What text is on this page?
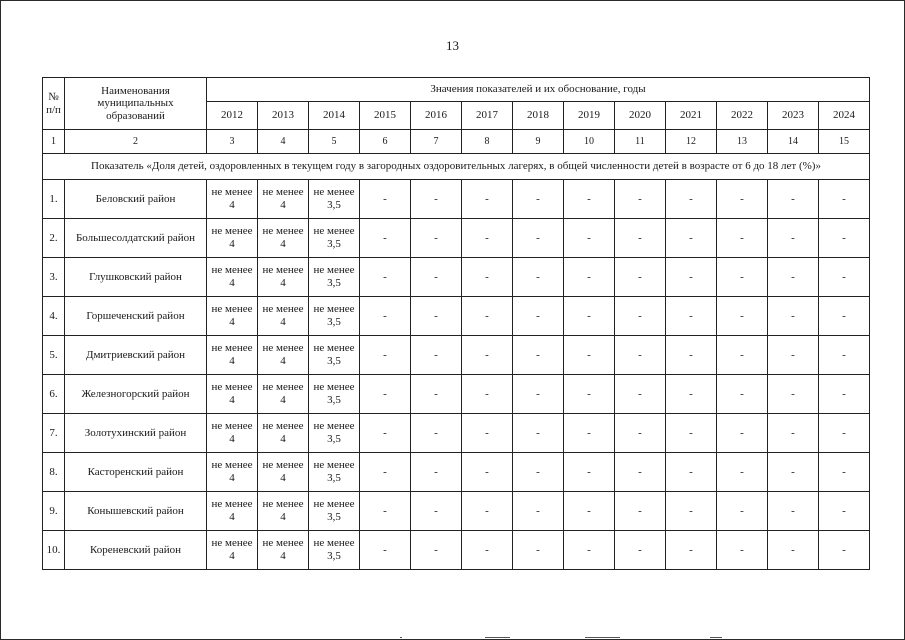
13
№
п/п	Наименования
муниципальных
образований	Значения показателей и их обоснование, годы												
		2012	2013	2014	2015	2016	2017	2018	2019	2020	2021	2022	2023	2024
1	2	3	4	5	6	7	8	9	10	11	12	13	14	15
Показатель «Доля детей, оздоровленных в текущем году в загородных оздоровительных лагерях, в общей численности детей в возрасте от 6 до 18 лет (%)»														
1.	Беловский район	не менее
4	не менее
4	не менее
3,5	-	-	-	-	-	-	-	-	-	-
2.	Большесолдатский район	не менее
4	не менее
4	не менее
3,5	-	-	-	-	-	-	-	-	-	-
3.	Глушковский район	не менее
4	не менее
4	не менее
3,5	-	-	-	-	-	-	-	-	-	-
4.	Горшеченский район	не менее
4	не менее
4	не менее
3,5	-	-	-	-	-	-	-	-	-	-
5.	Дмитриевский район	не менее
4	не менее
4	не менее
3,5	-	-	-	-	-	-	-	-	-	-
6.	Железногорский район	не менее
4	не менее
4	не менее
3,5	-	-	-	-	-	-	-	-	-	-
7.	Золотухинский район	не менее
4	не менее
4	не менее
3,5	-	-	-	-	-	-	-	-	-	-
8.	Касторенский район	не менее
4	не менее
4	не менее
3,5	-	-	-	-	-	-	-	-	-	-
9.	Конышевский район	не менее
4	не менее
4	не менее
3,5	-	-	-	-	-	-	-	-	-	-
10.	Кореневский район	не менее
4	не менее
4	не менее
3,5	-	-	-	-	-	-	-	-	-	-
